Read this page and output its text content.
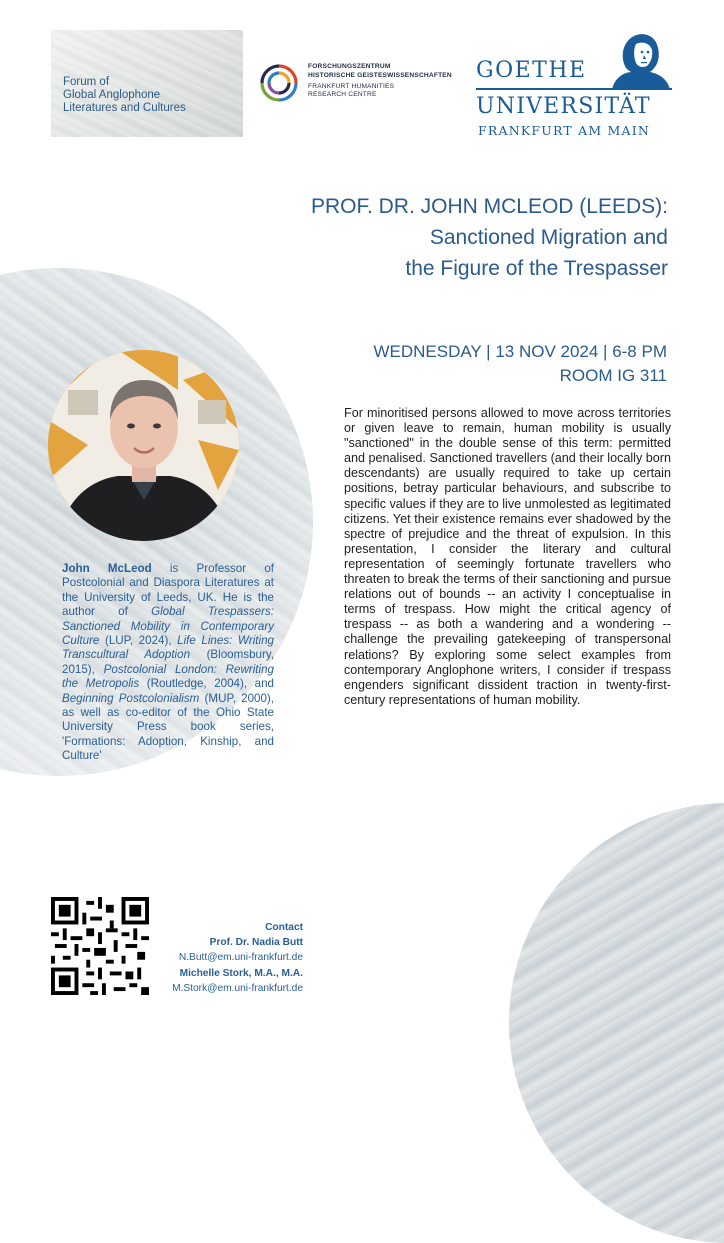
Forum of
Global Anglophone
Literatures and Cultures

FORSCHUNGSZENTRUM
HISTORISCHE GEISTESWISSENSCHAFTEN
FRANKFURT HUMANITIES
RESEARCH CENTRE
GOETHE
UNIVERSITÄT
FRANKFURT AM MAIN
PROF. DR. JOHN MCLEOD (LEEDS):
Sanctioned Migration and
the Figure of the Trespasser
WEDNESDAY | 13 NOV 2024 | 6-8 PM
ROOM IG 311

John McLeod is Professor of Postcolonial and Diaspora Literatures at the University of Leeds, UK. He is the author of Global Trespassers: Sanctioned Mobility in Contemporary Culture (LUP, 2024), Life Lines: Writing Transcultural Adoption (Bloomsbury, 2015), Postcolonial London: Rewriting the Metropolis (Routledge, 2004), and Beginning Postcolonialism (MUP, 2000), as well as co-editor of the Ohio State University Press book series, 'Formations: Adoption, Kinship, and Culture'

For minoritised persons allowed to move across territories or given leave to remain, human mobility is usually "sanctioned" in the double sense of this term: permitted and penalised. Sanctioned travellers (and their locally born descendants) are usually required to take up certain positions, betray particular behaviours, and subscribe to specific values if they are to live unmolested as legitimated citizens. Yet their existence remains ever shadowed by the spectre of prejudice and the threat of expulsion. In this presentation, I consider the literary and cultural representation of seemingly fortunate travellers who threaten to break the terms of their sanctioning and pursue relations out of bounds -- an activity I conceptualise in terms of trespass. How might the critical agency of trespass -- as both a wandering and a wondering -- challenge the prevailing gatekeeping of transpersonal relations? By exploring some select examples from contemporary Anglophone writers, I consider if trespass engenders significant dissident traction in twenty-first-century representations of human mobility.

Contact
Prof. Dr. Nadia Butt
N.Butt@em.uni-frankfurt.de
Michelle Stork, M.A., M.A.
M.Stork@em.uni-frankfurt.de
